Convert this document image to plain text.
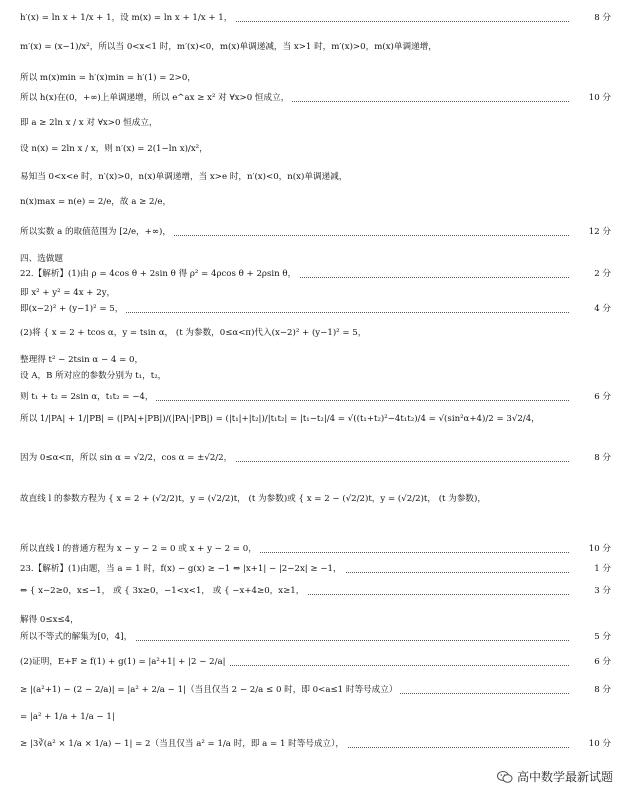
h′(x) = ln x + 1/x + 1，设 m(x) = ln x + 1/x + 1，	8 分
m′(x) = (x−1)/x²，所以当 0<x<1 时，m′(x)<0，m(x)单调递减，当 x>1 时，m′(x)>0，m(x)单调递增，
所以 m(x)min = h′(x)min = h′(1) = 2>0，
所以 h(x)在(0，+∞)上单调递增，所以 e^ax ≥ x² 对 ∀x>0 恒成立，	10 分
即 a ≥ 2ln x / x 对 ∀x>0 恒成立，
设 n(x) = 2ln x / x，则 n′(x) = 2(1−ln x)/x²，
易知当 0<x<e 时，n′(x)>0，n(x)单调递增，当 x>e 时，n′(x)<0，n(x)单调递减，
n(x)max = n(e) = 2/e，故 a ≥ 2/e，
所以实数 a 的取值范围为 [2/e，+∞)，	12 分
四、选做题
22.【解析】(1)由 ρ = 4cos θ + 2sin θ 得 ρ² = 4ρcos θ + 2ρsin θ，	2 分
即 x² + y² = 4x + 2y，
即(x−2)² + (y−1)² = 5，	4 分
(2)将 { x = 2 + tcos α，y = tsin α， (t 为参数，0≤α<π)代入(x−2)² + (y−1)² = 5，
整理得 t² − 2tsin α − 4 = 0，
设 A，B 所对应的参数分别为 t₁，t₂，
则 t₁ + t₂ = 2sin α，t₁t₂ = −4，	6 分
所以 1/|PA| + 1/|PB| = (|PA|+|PB|)/(|PA|·|PB|) = (|t₁|+|t₂|)/|t₁t₂| = |t₁−t₂|/4 = √((t₁+t₂)²−4t₁t₂)/4 = √(sin²α+4)/2 = 3√2/4，
因为 0≤α<π，所以 sin α = √2/2，cos α = ±√2/2，	8 分
故直线 l 的参数方程为 { x = 2 + (√2/2)t，y = (√2/2)t， (t 为参数)或 { x = 2 − (√2/2)t，y = (√2/2)t， (t 为参数)，
所以直线 l 的普通方程为 x − y − 2 = 0 或 x + y − 2 = 0，	10 分
23.【解析】(1)由题，当 a = 1 时，f(x) − g(x) ≥ −1 ⇔ |x+1| − |2−2x| ≥ −1，	1 分
⇔ { x−2≥0，x≤−1， 或 { 3x≥0，−1<x<1， 或 { −x+4≥0，x≥1，	3 分
解得 0≤x≤4，
所以不等式的解集为[0，4]，	5 分
(2)证明，E+F ≥ f(1) + g(1) = |a²+1| + |2 − 2/a|	6 分
≥ |(a²+1) − (2 − 2/a)| = |a² + 2/a − 1|（当且仅当 2 − 2/a ≤ 0 时，即 0<a≤1 时等号成立）	8 分
= |a² + 1/a + 1/a − 1|
≥ |3∛(a² × 1/a × 1/a) − 1| = 2（当且仅当 a² = 1/a 时，即 a = 1 时等号成立），	10 分
高中数学最新试题
